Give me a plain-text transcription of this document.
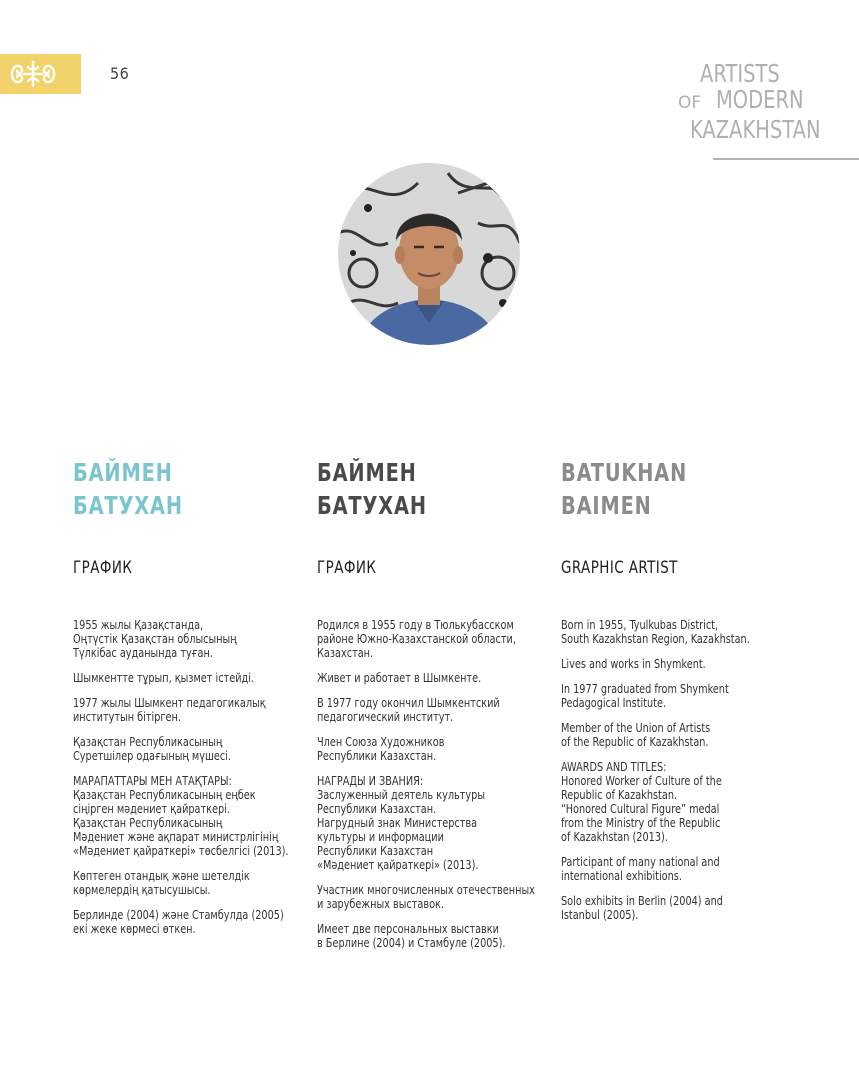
56	ARTISTS
OF MODERN
KAZAKHSTAN
БАЙМЕН
БАТУХАН
ГРАФИК

1955 жылы Қазақстанда,
Оңтүстік Қазақстан облысының
Түлкібас ауданында туған.

Шымкентте тұрып, қызмет істейді.

1977 жылы Шымкент педагогикалық
институтын бітірген.

Қазақстан Республикасының
Суретшілер одағының мүшесі.

МАРАПАТТАРЫ МЕН АТАҚТАРЫ:
Қазақстан Республикасының еңбек
сіңірген мәдениет қайраткері.
Қазақстан Республикасының
Мәдениет және ақпарат министрлігінің
«Мәдениет қайраткері» төсбелгісі (2013).

Көптеген отандық және шетелдік
көрмелердің қатысушысы.

Берлинде (2004) және Стамбулда (2005)
екі жеке көрмесі өткен.

БАЙМЕН
БАТУХАН
ГРАФИК

Родился в 1955 году в Тюлькубасском
районе Южно-Казахстанской области,
Казахстан.

Живет и работает в Шымкенте.

В 1977 году окончил Шымкентский
педагогический институт.

Член Союза Художников
Республики Казахстан.

НАГРАДЫ И ЗВАНИЯ:
Заслуженный деятель культуры
Республики Казахстан.
Нагрудный знак Министерства
культуры и информации
Республики Казахстан
«Мәдениет қайраткері» (2013).

Участник многочисленных отечественных
и зарубежных выставок.

Имеет две персональных выставки
в Берлине (2004) и Стамбуле (2005).

BATUKHAN
BAIMEN
GRAPHIC ARTIST

Born in 1955, Tyulkubas District,
South Kazakhstan Region, Kazakhstan.

Lives and works in Shymkent.

In 1977 graduated from Shymkent
Pedagogical Institute.

Member of the Union of Artists
of the Republic of Kazakhstan.

AWARDS AND TITLES:
Honored Worker of Culture of the
Republic of Kazakhstan.
“Honored Cultural Figure” medal
from the Ministry of the Republic
of Kazakhstan (2013).

Participant of many national and
international exhibitions.

Solo exhibits in Berlin (2004) and
Istanbul (2005).
